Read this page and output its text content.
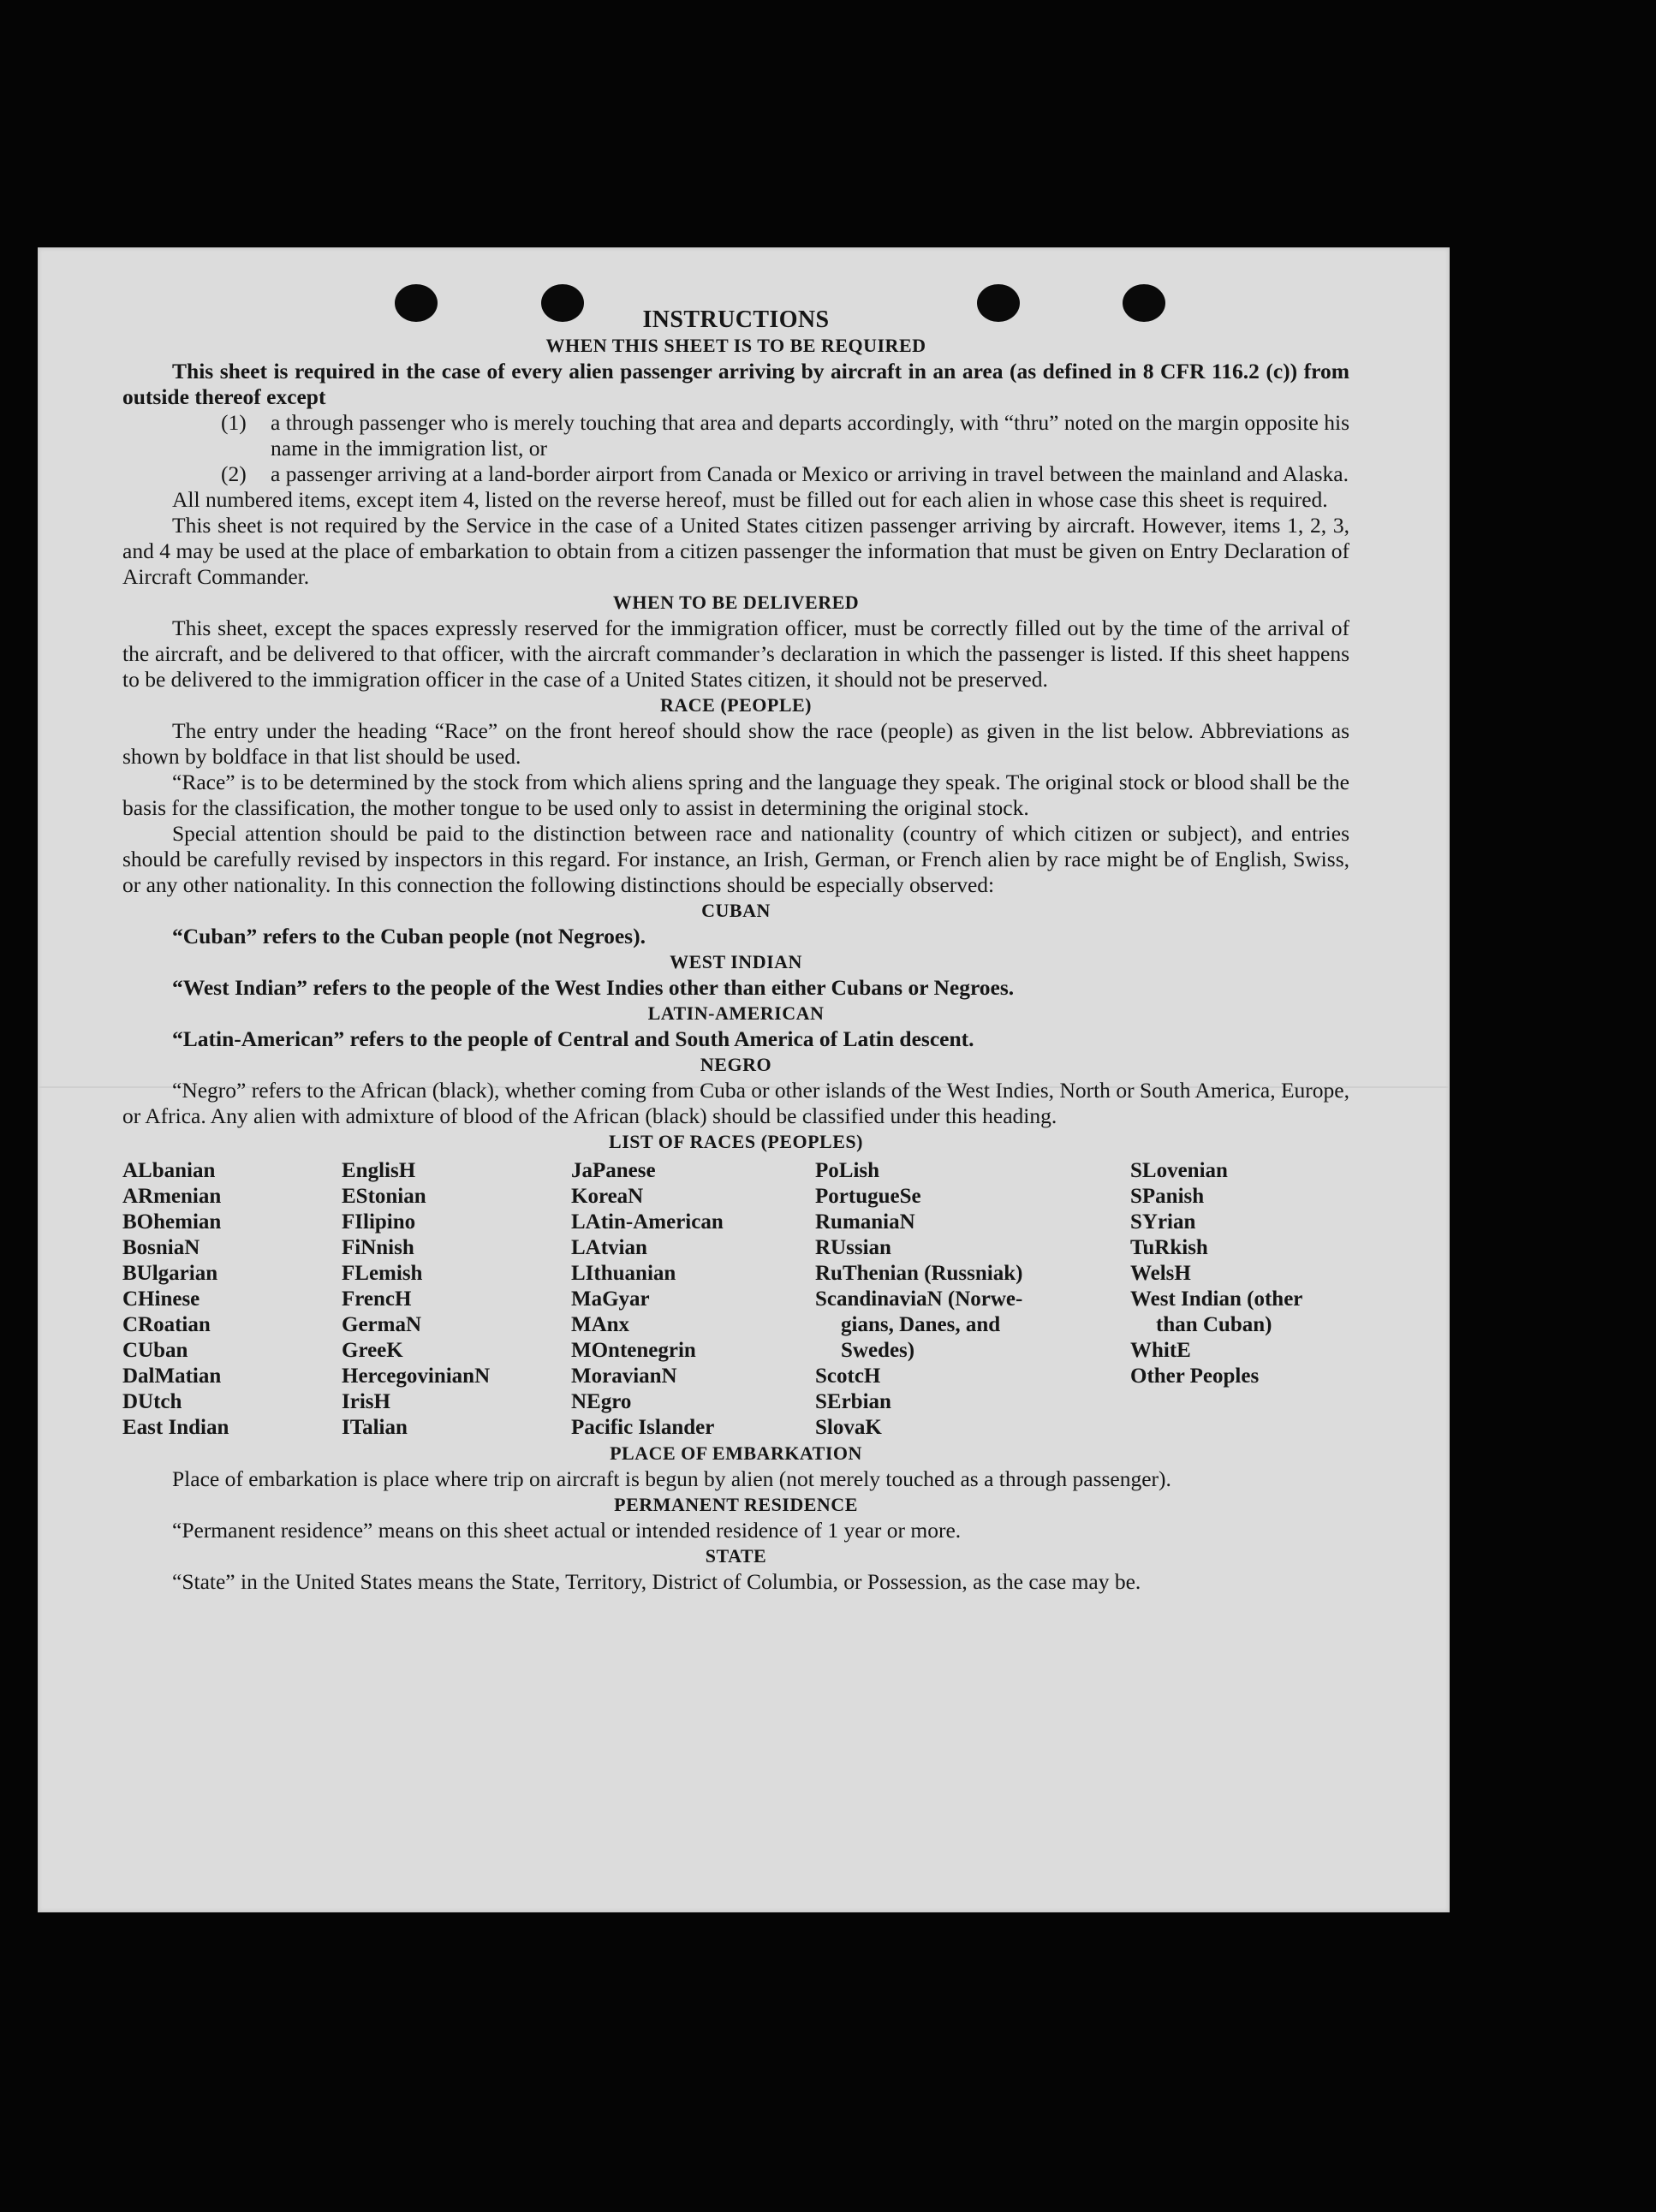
INSTRUCTIONS
WHEN THIS SHEET IS TO BE REQUIRED

This sheet is required in the case of every alien passenger arriving by aircraft in an area (as defined in 8 CFR 116.2 (c)) from outside thereof except

(1) a through passenger who is merely touching that area and departs accordingly, with “thru” noted on the margin opposite his name in the immigration list, or
(2) a passenger arriving at a land-border airport from Canada or Mexico or arriving in travel between the mainland and Alaska.

All numbered items, except item 4, listed on the reverse hereof, must be filled out for each alien in whose case this sheet is required.

This sheet is not required by the Service in the case of a United States citizen passenger arriving by aircraft. However, items 1, 2, 3, and 4 may be used at the place of embarkation to obtain from a citizen passenger the information that must be given on Entry Declaration of Aircraft Commander.

WHEN TO BE DELIVERED

This sheet, except the spaces expressly reserved for the immigration officer, must be correctly filled out by the time of the arrival of the aircraft, and be delivered to that officer, with the aircraft commander’s declaration in which the passenger is listed. If this sheet happens to be delivered to the immigration officer in the case of a United States citizen, it should not be preserved.

RACE (PEOPLE)

The entry under the heading “Race” on the front hereof should show the race (people) as given in the list below. Abbreviations as shown by boldface in that list should be used.

“Race” is to be determined by the stock from which aliens spring and the language they speak. The original stock or blood shall be the basis for the classification, the mother tongue to be used only to assist in determining the original stock.

Special attention should be paid to the distinction between race and nationality (country of which citizen or subject), and entries should be carefully revised by inspectors in this regard. For instance, an Irish, German, or French alien by race might be of English, Swiss, or any other nationality. In this connection the following distinctions should be especially observed:

CUBAN

“Cuban” refers to the Cuban people (not Negroes).

WEST INDIAN

“West Indian” refers to the people of the West Indies other than either Cubans or Negroes.

LATIN-AMERICAN

“Latin-American” refers to the people of Central and South America of Latin descent.

NEGRO

“Negro” refers to the African (black), whether coming from Cuba or other islands of the West Indies, North or South America, Europe, or Africa. Any alien with admixture of blood of the African (black) should be classified under this heading.

LIST OF RACES (PEOPLES)
ALbanian
ARmenian
BOhemian
BosniaN
BUlgarian
CHinese
CRoatian
CUban
DalMatian
DUtch
East Indian
EnglisH
EStonian
FIlipino
FiNnish
FLemish
FrencH
GermaN
GreeK
HercegovinianN
IrisH
ITalian
JaPanese
KoreaN
LAtin-American
LAtvian
LIthuanian
MaGyar
MAnx
MOntenegrin
MoravianN
NEgro
Pacific Islander
PoLish
PortugueSe
RumaniaN
RUssian
RuThenian (Russniak)
ScandinaviaN (Norwe-
gians, Danes, and
Swedes)
ScotcH
SErbian
SlovaK
SLovenian
SPanish
SYrian
TuRkish
WelsH
West Indian (other
than Cuban)
WhitE
Other Peoples
PLACE OF EMBARKATION

Place of embarkation is place where trip on aircraft is begun by alien (not merely touched as a through passenger).

PERMANENT RESIDENCE

“Permanent residence” means on this sheet actual or intended residence of 1 year or more.

STATE

“State” in the United States means the State, Territory, District of Columbia, or Possession, as the case may be.
